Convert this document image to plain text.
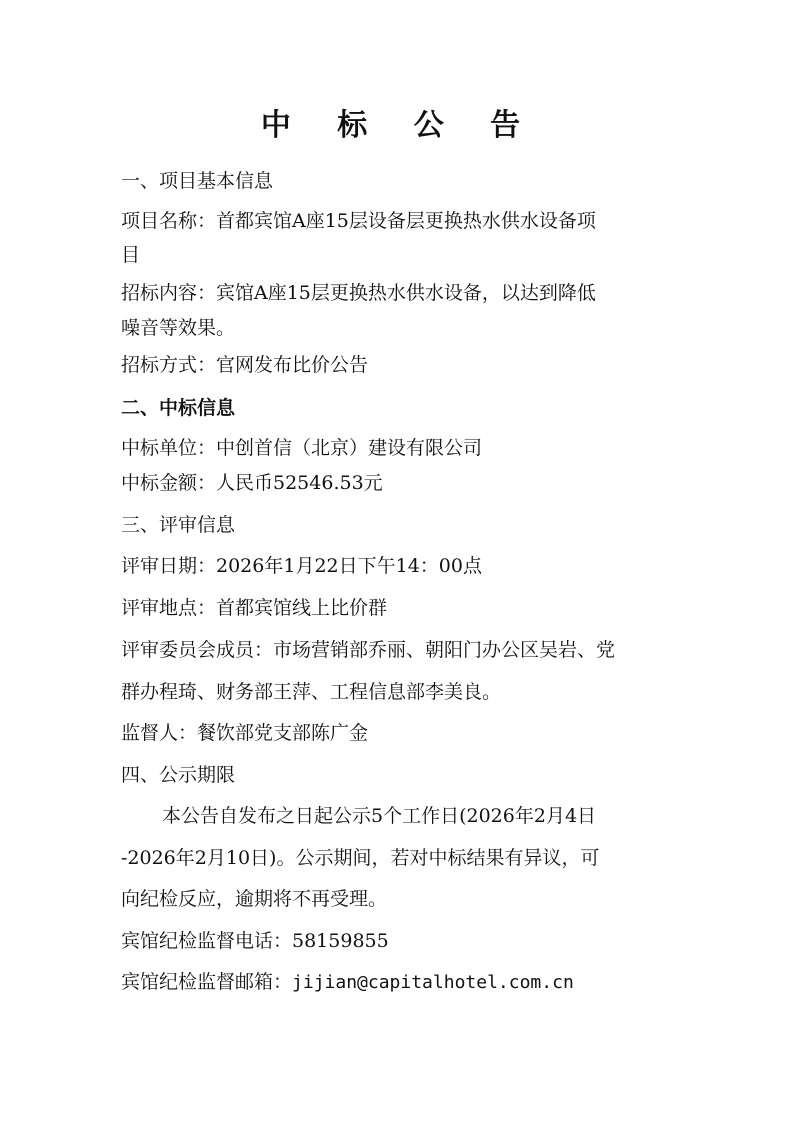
中 标 公 告
一、项目基本信息
项目名称：首都宾馆A座15层设备层更换热水供水设备项
目
招标内容：宾馆A座15层更换热水供水设备，以达到降低
噪音等效果。
招标方式：官网发布比价公告
二、中标信息
中标单位：中创首信（北京）建设有限公司
中标金额：人民币52546.53元
三、评审信息
评审日期：2026年1月22日下午14：00点
评审地点：首都宾馆线上比价群
评审委员会成员：市场营销部乔丽、朝阳门办公区吴岩、党
群办程琦、财务部王萍、工程信息部李美良。
监督人：餐饮部党支部陈广金
四、公示期限
本公告自发布之日起公示5个工作日(2026年2月4日
-2026年2月10日)。公示期间，若对中标结果有异议，可
向纪检反应，逾期将不再受理。
宾馆纪检监督电话：58159855
宾馆纪检监督邮箱：jijian@capitalhotel.com.cn
